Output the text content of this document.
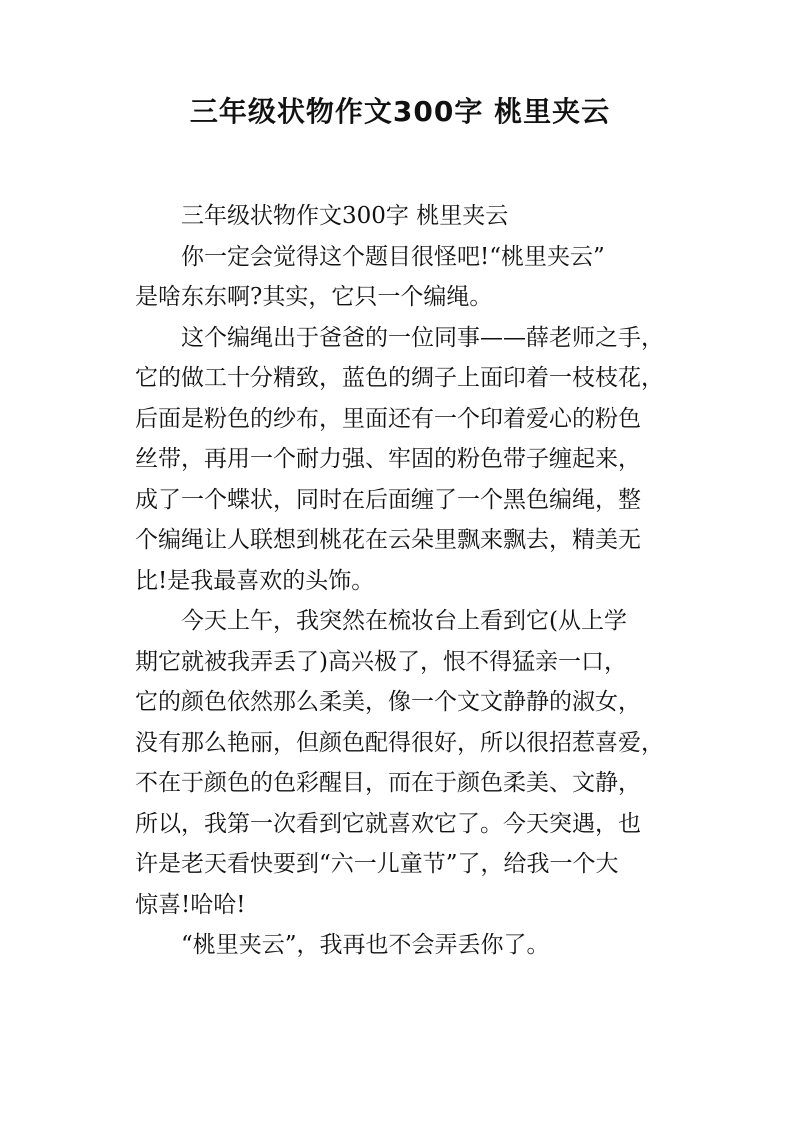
三年级状物作文300字 桃里夹云
三年级状物作文300字 桃里夹云
你一定会觉得这个题目很怪吧!“桃里夹云”
是啥东东啊?其实，它只一个编绳。
这个编绳出于爸爸的一位同事——薛老师之手，
它的做工十分精致，蓝色的绸子上面印着一枝枝花，
后面是粉色的纱布，里面还有一个印着爱心的粉色
丝带，再用一个耐力强、牢固的粉色带子缠起来，
成了一个蝶状，同时在后面缠了一个黑色编绳，整
个编绳让人联想到桃花在云朵里飘来飘去，精美无
比!是我最喜欢的头饰。
今天上午，我突然在梳妆台上看到它(从上学
期它就被我弄丢了)高兴极了，恨不得猛亲一口，
它的颜色依然那么柔美，像一个文文静静的淑女，
没有那么艳丽，但颜色配得很好，所以很招惹喜爱，
不在于颜色的色彩醒目，而在于颜色柔美、文静，
所以，我第一次看到它就喜欢它了。今天突遇，也
许是老天看快要到“六一儿童节”了，给我一个大
惊喜!哈哈!
“桃里夹云”，我再也不会弄丢你了。
